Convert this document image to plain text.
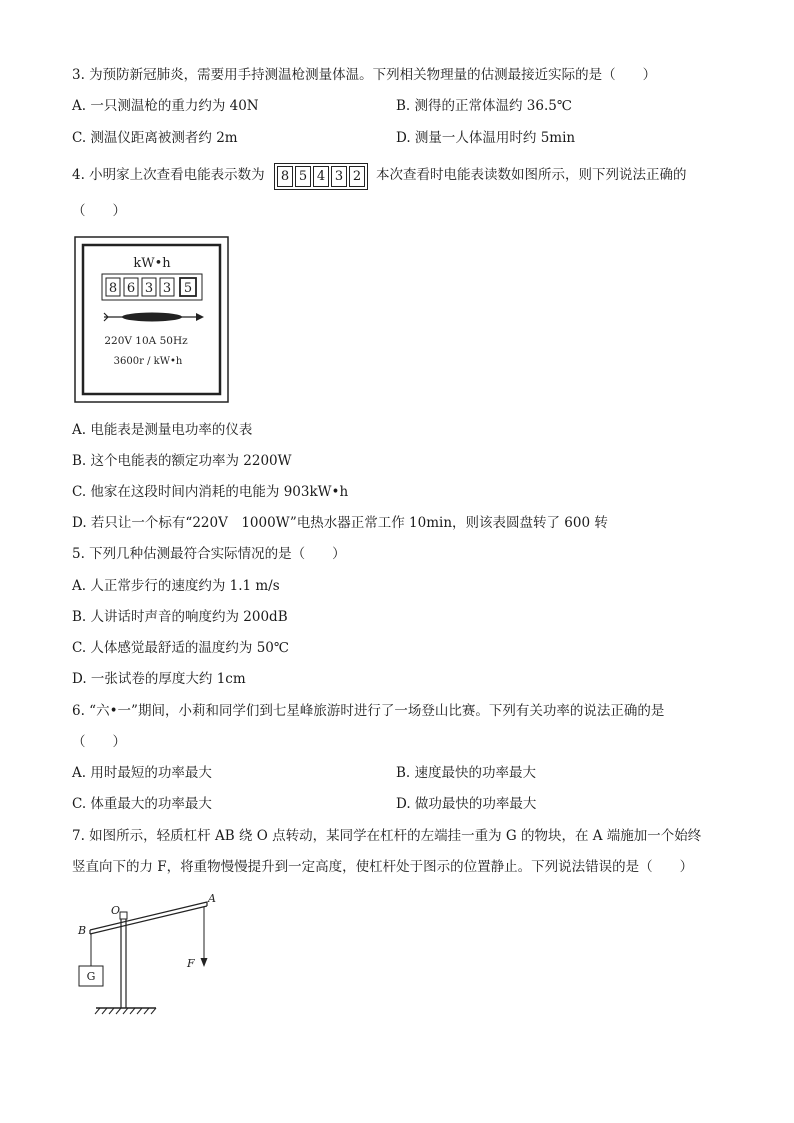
3. 为预防新冠肺炎，需要用手持测温枪测量体温。下列相关物理量的估测最接近实际的是（　　）
A. 一只测温枪的重力约为 40N	B. 测得的正常体温约 36.5℃
C. 测温仪距离被测者约 2m	D. 测量一人体温用时约 5min
4. 小明家上次查看电能表示数为 8 5 4 3 2 本次查看时电能表读数如图所示，则下列说法正确的
（　　）
kW•h
8 6 3 3 5
220V 10A 50Hz
3600r / kW•h
A. 电能表是测量电功率的仪表
B. 这个电能表的额定功率为 2200W
C. 他家在这段时间内消耗的电能为 903kW•h
D. 若只让一个标有“220V　1000W”电热水器正常工作 10min，则该表圆盘转了 600 转
5. 下列几种估测最符合实际情况的是（　　）
A. 人正常步行的速度约为 1.1 m/s
B. 人讲话时声音的响度约为 200dB
C. 人体感觉最舒适的温度约为 50℃
D. 一张试卷的厚度大约 1cm
6. “六•一”期间，小莉和同学们到七星峰旅游时进行了一场登山比赛。下列有关功率的说法正确的是
（　　）
A. 用时最短的功率最大	B. 速度最快的功率最大
C. 体重最大的功率最大	D. 做功最快的功率最大
7. 如图所示，轻质杠杆 AB 绕 O 点转动，某同学在杠杆的左端挂一重为 G 的物块，在 A 端施加一个始终
竖直向下的力 F，将重物慢慢提升到一定高度，使杠杆处于图示的位置静止。下列说法错误的是（　　）
O
B
G
A
F
